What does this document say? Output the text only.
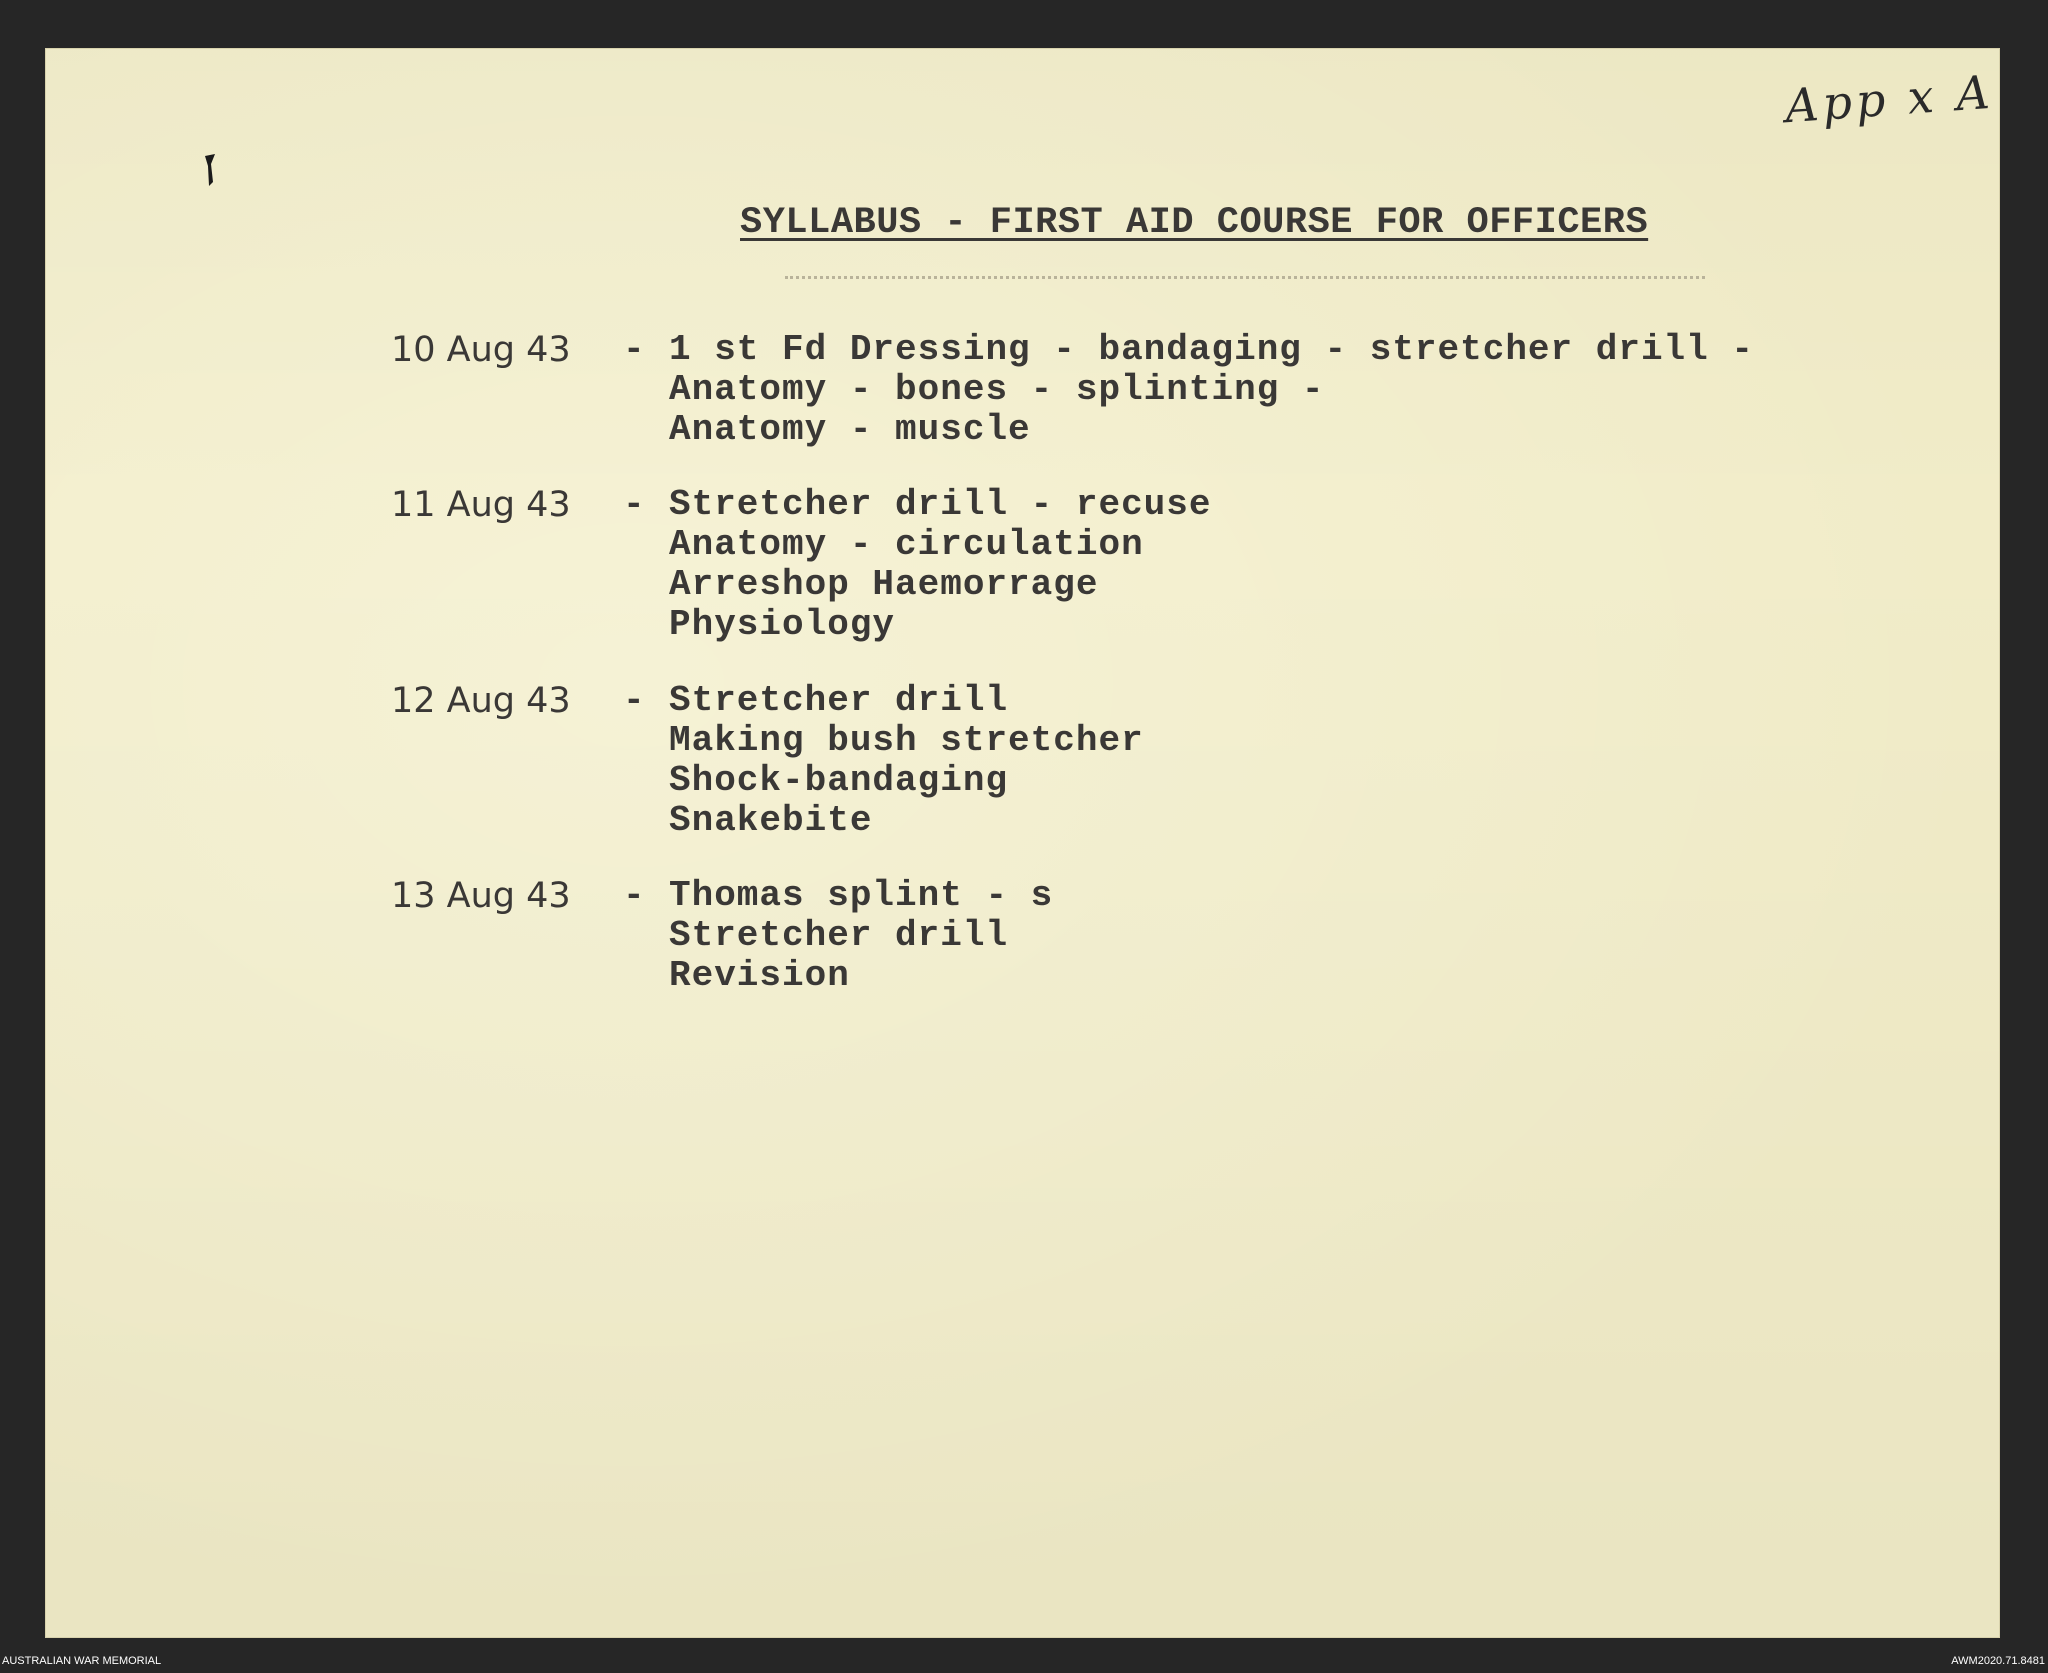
App x A
SYLLABUS - FIRST AID COURSE FOR OFFICERS
10 Aug 43 - 1 st Fd Dressing - bandaging - stretcher drill -
Anatomy - bones - splinting -
Anatomy - muscle
11 Aug 43 - Stretcher drill - recuse
Anatomy - circulation
Arreshop Haemorrage
Physiology
12 Aug 43 - Stretcher drill
Making bush stretcher
Shock-bandaging
Snakebite
13 Aug 43 - Thomas splint - s
Stretcher drill
Revision
AUSTRALIAN WAR MEMORIAL	AWM2020.71.8481
